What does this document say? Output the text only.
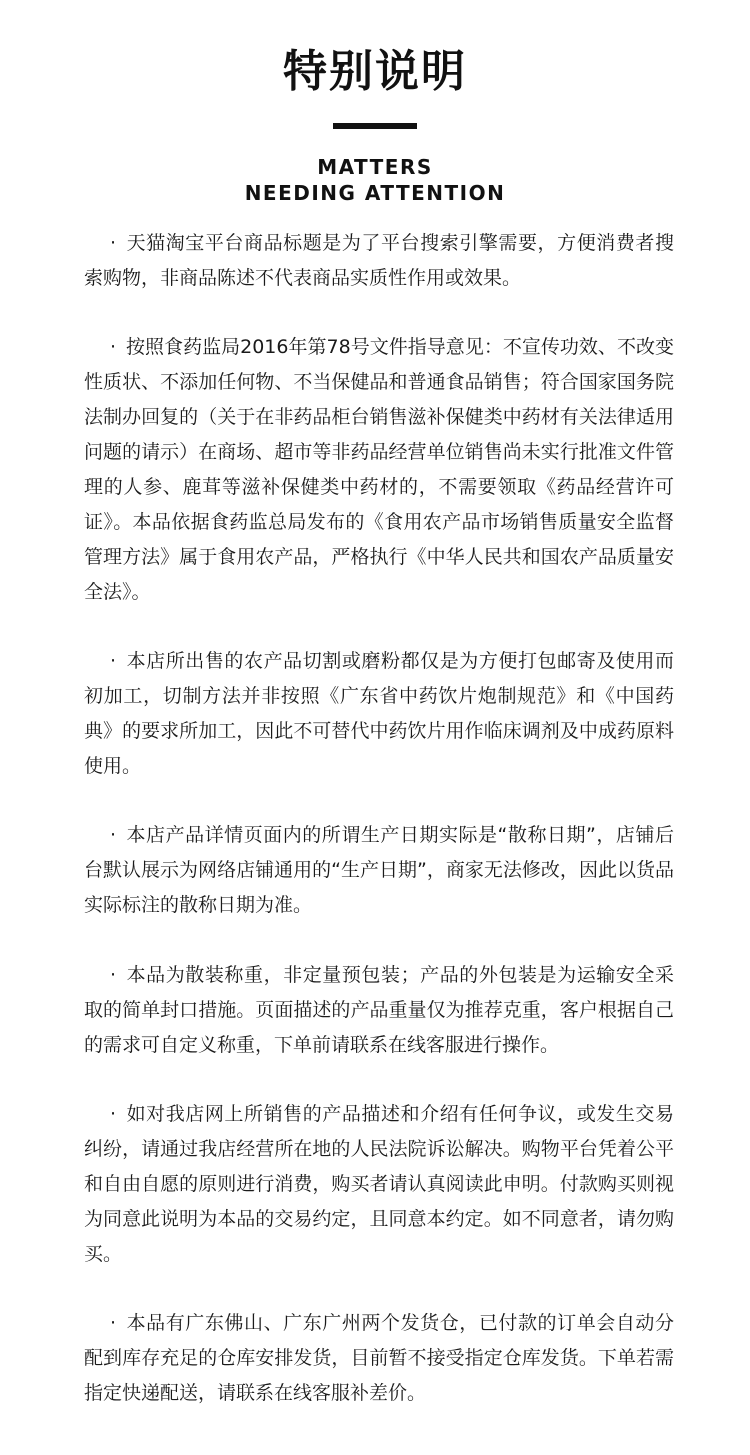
特别说明
MATTERS
NEEDING ATTENTION
· 天猫淘宝平台商品标题是为了平台搜索引擎需要，方便消费者搜索购物，非商品陈述不代表商品实质性作用或效果。
· 按照食药监局2016年第78号文件指导意见：不宣传功效、不改变性质状、不添加任何物、不当保健品和普通食品销售；符合国家国务院法制办回复的（关于在非药品柜台销售滋补保健类中药材有关法律适用问题的请示）在商场、超市等非药品经营单位销售尚未实行批准文件管理的人参、鹿茸等滋补保健类中药材的，不需要领取《药品经营许可证》。本品依据食药监总局发布的《食用农产品市场销售质量安全监督管理方法》属于食用农产品，严格执行《中华人民共和国农产品质量安全法》。
· 本店所出售的农产品切割或磨粉都仅是为方便打包邮寄及使用而初加工，切制方法并非按照《广东省中药饮片炮制规范》和《中国药典》的要求所加工，因此不可替代中药饮片用作临床调剂及中成药原料使用。
· 本店产品详情页面内的所谓生产日期实际是“散称日期”，店铺后台默认展示为网络店铺通用的“生产日期”，商家无法修改，因此以货品实际标注的散称日期为准。
· 本品为散装称重，非定量预包装；产品的外包装是为运输安全采取的简单封口措施。页面描述的产品重量仅为推荐克重，客户根据自己的需求可自定义称重，下单前请联系在线客服进行操作。
· 如对我店网上所销售的产品描述和介绍有任何争议，或发生交易纠纷，请通过我店经营所在地的人民法院诉讼解决。购物平台凭着公平和自由自愿的原则进行消费，购买者请认真阅读此申明。付款购买则视为同意此说明为本品的交易约定，且同意本约定。如不同意者，请勿购买。
· 本品有广东佛山、广东广州两个发货仓，已付款的订单会自动分配到库存充足的仓库安排发货，目前暂不接受指定仓库发货。下单若需指定快递配送，请联系在线客服补差价。
